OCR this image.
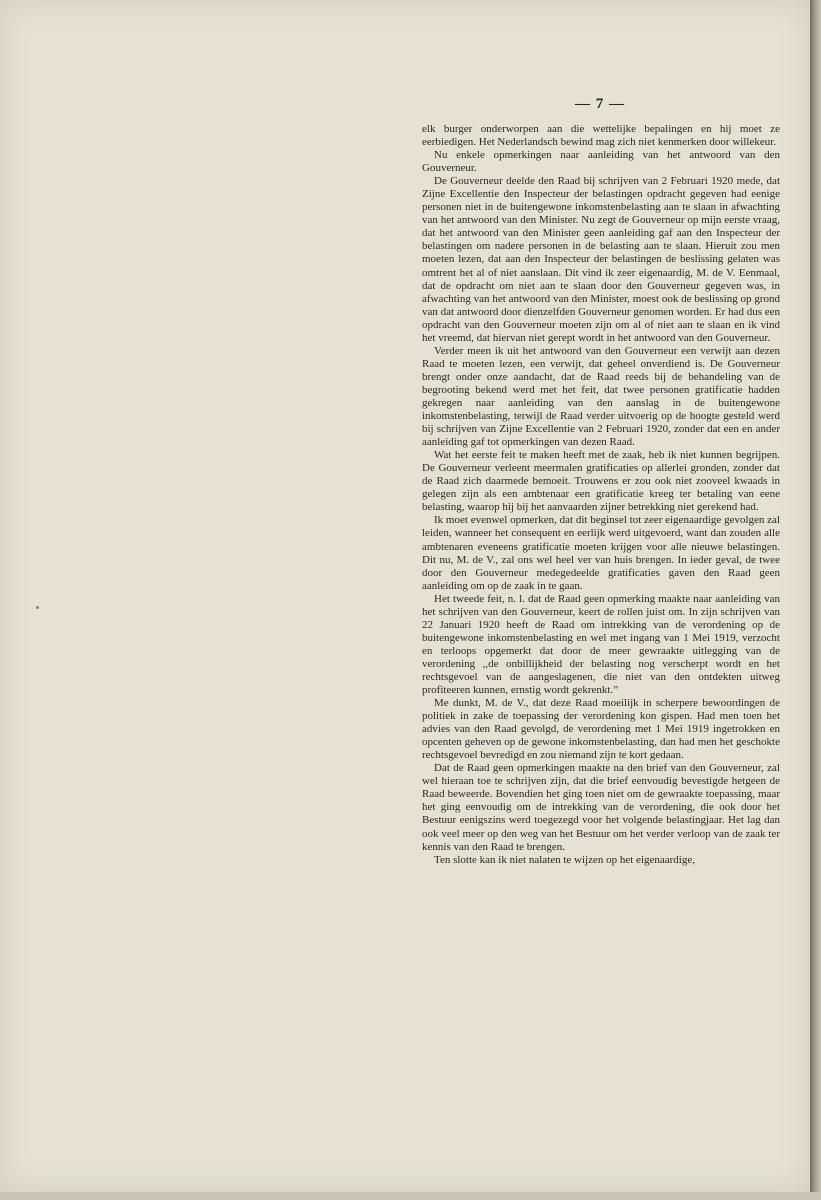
— 7 —

elk burger onderworpen aan die wettelijke bepalingen en hij moet ze eerbiedigen. Het Nederlandsch bewind mag zich niet kenmerken door willekeur.

Nu enkele opmerkingen naar aanleiding van het antwoord van den Gouverneur.

De Gouverneur deelde den Raad bij schrijven van 2 Februari 1920 mede, dat Zijne Excellentie den Inspecteur der belastingen opdracht gegeven had eenige personen niet in de buitengewone inkomstenbelasting aan te slaan in afwachting van het antwoord van den Minister. Nu zegt de Gouverneur op mijn eerste vraag, dat het antwoord van den Minister geen aanleiding gaf aan den Inspecteur der belastingen om nadere personen in de belasting aan te slaan. Hieruit zou men moeten lezen, dat aan den Inspecteur der belastingen de beslissing gelaten was omtrent het al of niet aanslaan. Dit vind ik zeer eigenaardig, M. de V. Eenmaal, dat de opdracht om niet aan te slaan door den Gouverneur gegeven was, in afwachting van het antwoord van den Minister, moest ook de beslissing op grond van dat antwoord door dienzelfden Gouverneur genomen worden. Er had dus een opdracht van den Gouverneur moeten zijn om al of niet aan te slaan en ik vind het vreemd, dat hiervan niet gerept wordt in het antwoord van den Gouverneur.

Verder meen ik uit het antwoord van den Gouverneur een verwijt aan dezen Raad te moeten lezen, een verwijt, dat geheel onverdiend is. De Gouverneur brengt onder onze aandacht, dat de Raad reeds bij de behandeling van de begrooting bekend werd met het feit, dat twee personen gratificatie hadden gekregen naar aanleiding van den aanslag in de buitengewone inkomstenbelasting, terwijl de Raad verder uitvoerig op de hoogte gesteld werd bij schrijven van Zijne Excellentie van 2 Februari 1920, zonder dat een en ander aanleiding gaf tot opmerkingen van dezen Raad.

Wat het eerste feit te maken heeft met de zaak, heb ik niet kunnen begrijpen. De Gouverneur verleent meermalen gratificaties op allerlei gronden, zonder dat de Raad zich daarmede bemoeit. Trouwens er zou ook niet zooveel kwaads in gelegen zijn als een ambtenaar een gratificatie kreeg ter betaling van eene belasting, waarop hij bij het aanvaarden zijner betrekking niet gerekend had.

Ik moet evenwel opmerken, dat dit beginsel tot zeer eigenaardige gevolgen zal leiden, wanneer het consequent en eerlijk werd uitgevoerd, want dan zouden alle ambtenaren eveneens gratificatie moeten krijgen voor alle nieuwe belastingen. Dit nu, M. de V., zal ons wel heel ver van huis brengen. In ieder geval, de twee door den Gouverneur medegedeelde gratificaties gaven den Raad geen aanleiding om op de zaak in te gaan.

Het tweede feit, n. l. dat de Raad geen opmerking maakte naar aanleiding van het schrijven van den Gouverneur, keert de rollen juist om. In zijn schrijven van 22 Januari 1920 heeft de Raad om intrekking van de verordening op de buitengewone inkomstenbelasting en wel met ingang van 1 Mei 1919, verzocht en terloops opgemerkt dat door de meer gewraakte uitlegging van de verordening ,,de onbillijkheid der belasting nog verscherpt wordt en het rechtsgevoel van de aangeslagenen, die niet van den ontdekten uitweg profiteeren kunnen, ernstig wordt gekrenkt.”

Me dunkt, M. de V., dat deze Raad moeilijk in scherpere bewoordingen de politiek in zake de toepassing der verordening kon gispen. Had men toen het advies van den Raad gevolgd, de verordening met 1 Mei 1919 ingetrokken en opcenten geheven op de gewone inkomstenbelasting, dan had men het geschokte rechtsgevoel bevredigd en zou niemand zijn te kort gedaan.

Dat de Raad geen opmerkingen maakte na den brief van den Gouverneur, zal wel hieraan toe te schrijven zijn, dat die brief eenvoudig bevestigde hetgeen de Raad beweerde. Bovendien het ging toen niet om de gewraakte toepassing, maar het ging eenvoudig om de intrekking van de verordening, die ook door het Bestuur eenigszins werd toegezegd voor het volgende belastingjaar. Het lag dan ook veel meer op den weg van het Bestuur om het verder verloop van de zaak ter kennis van den Raad te brengen.

Ten slotte kan ik niet nalaten te wijzen op het eigenaardige,
